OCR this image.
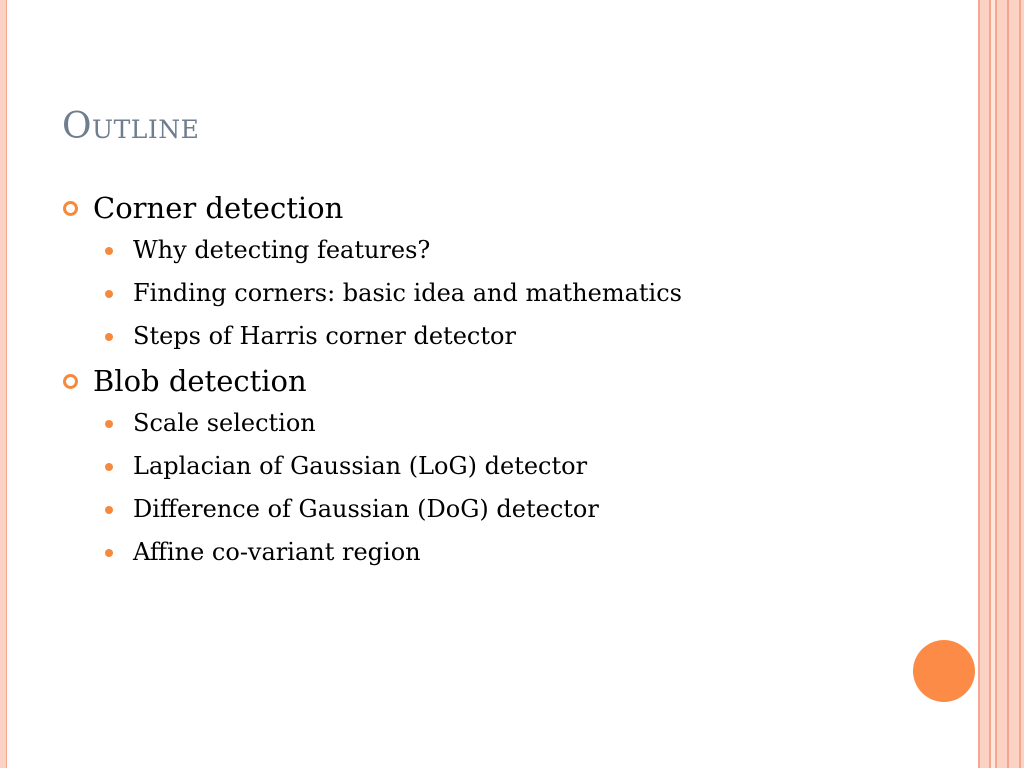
Outline
Corner detection
Why detecting features?
Finding corners: basic idea and mathematics
Steps of Harris corner detector
Blob detection
Scale selection
Laplacian of Gaussian (LoG) detector
Difference of Gaussian (DoG) detector
Affine co-variant region
